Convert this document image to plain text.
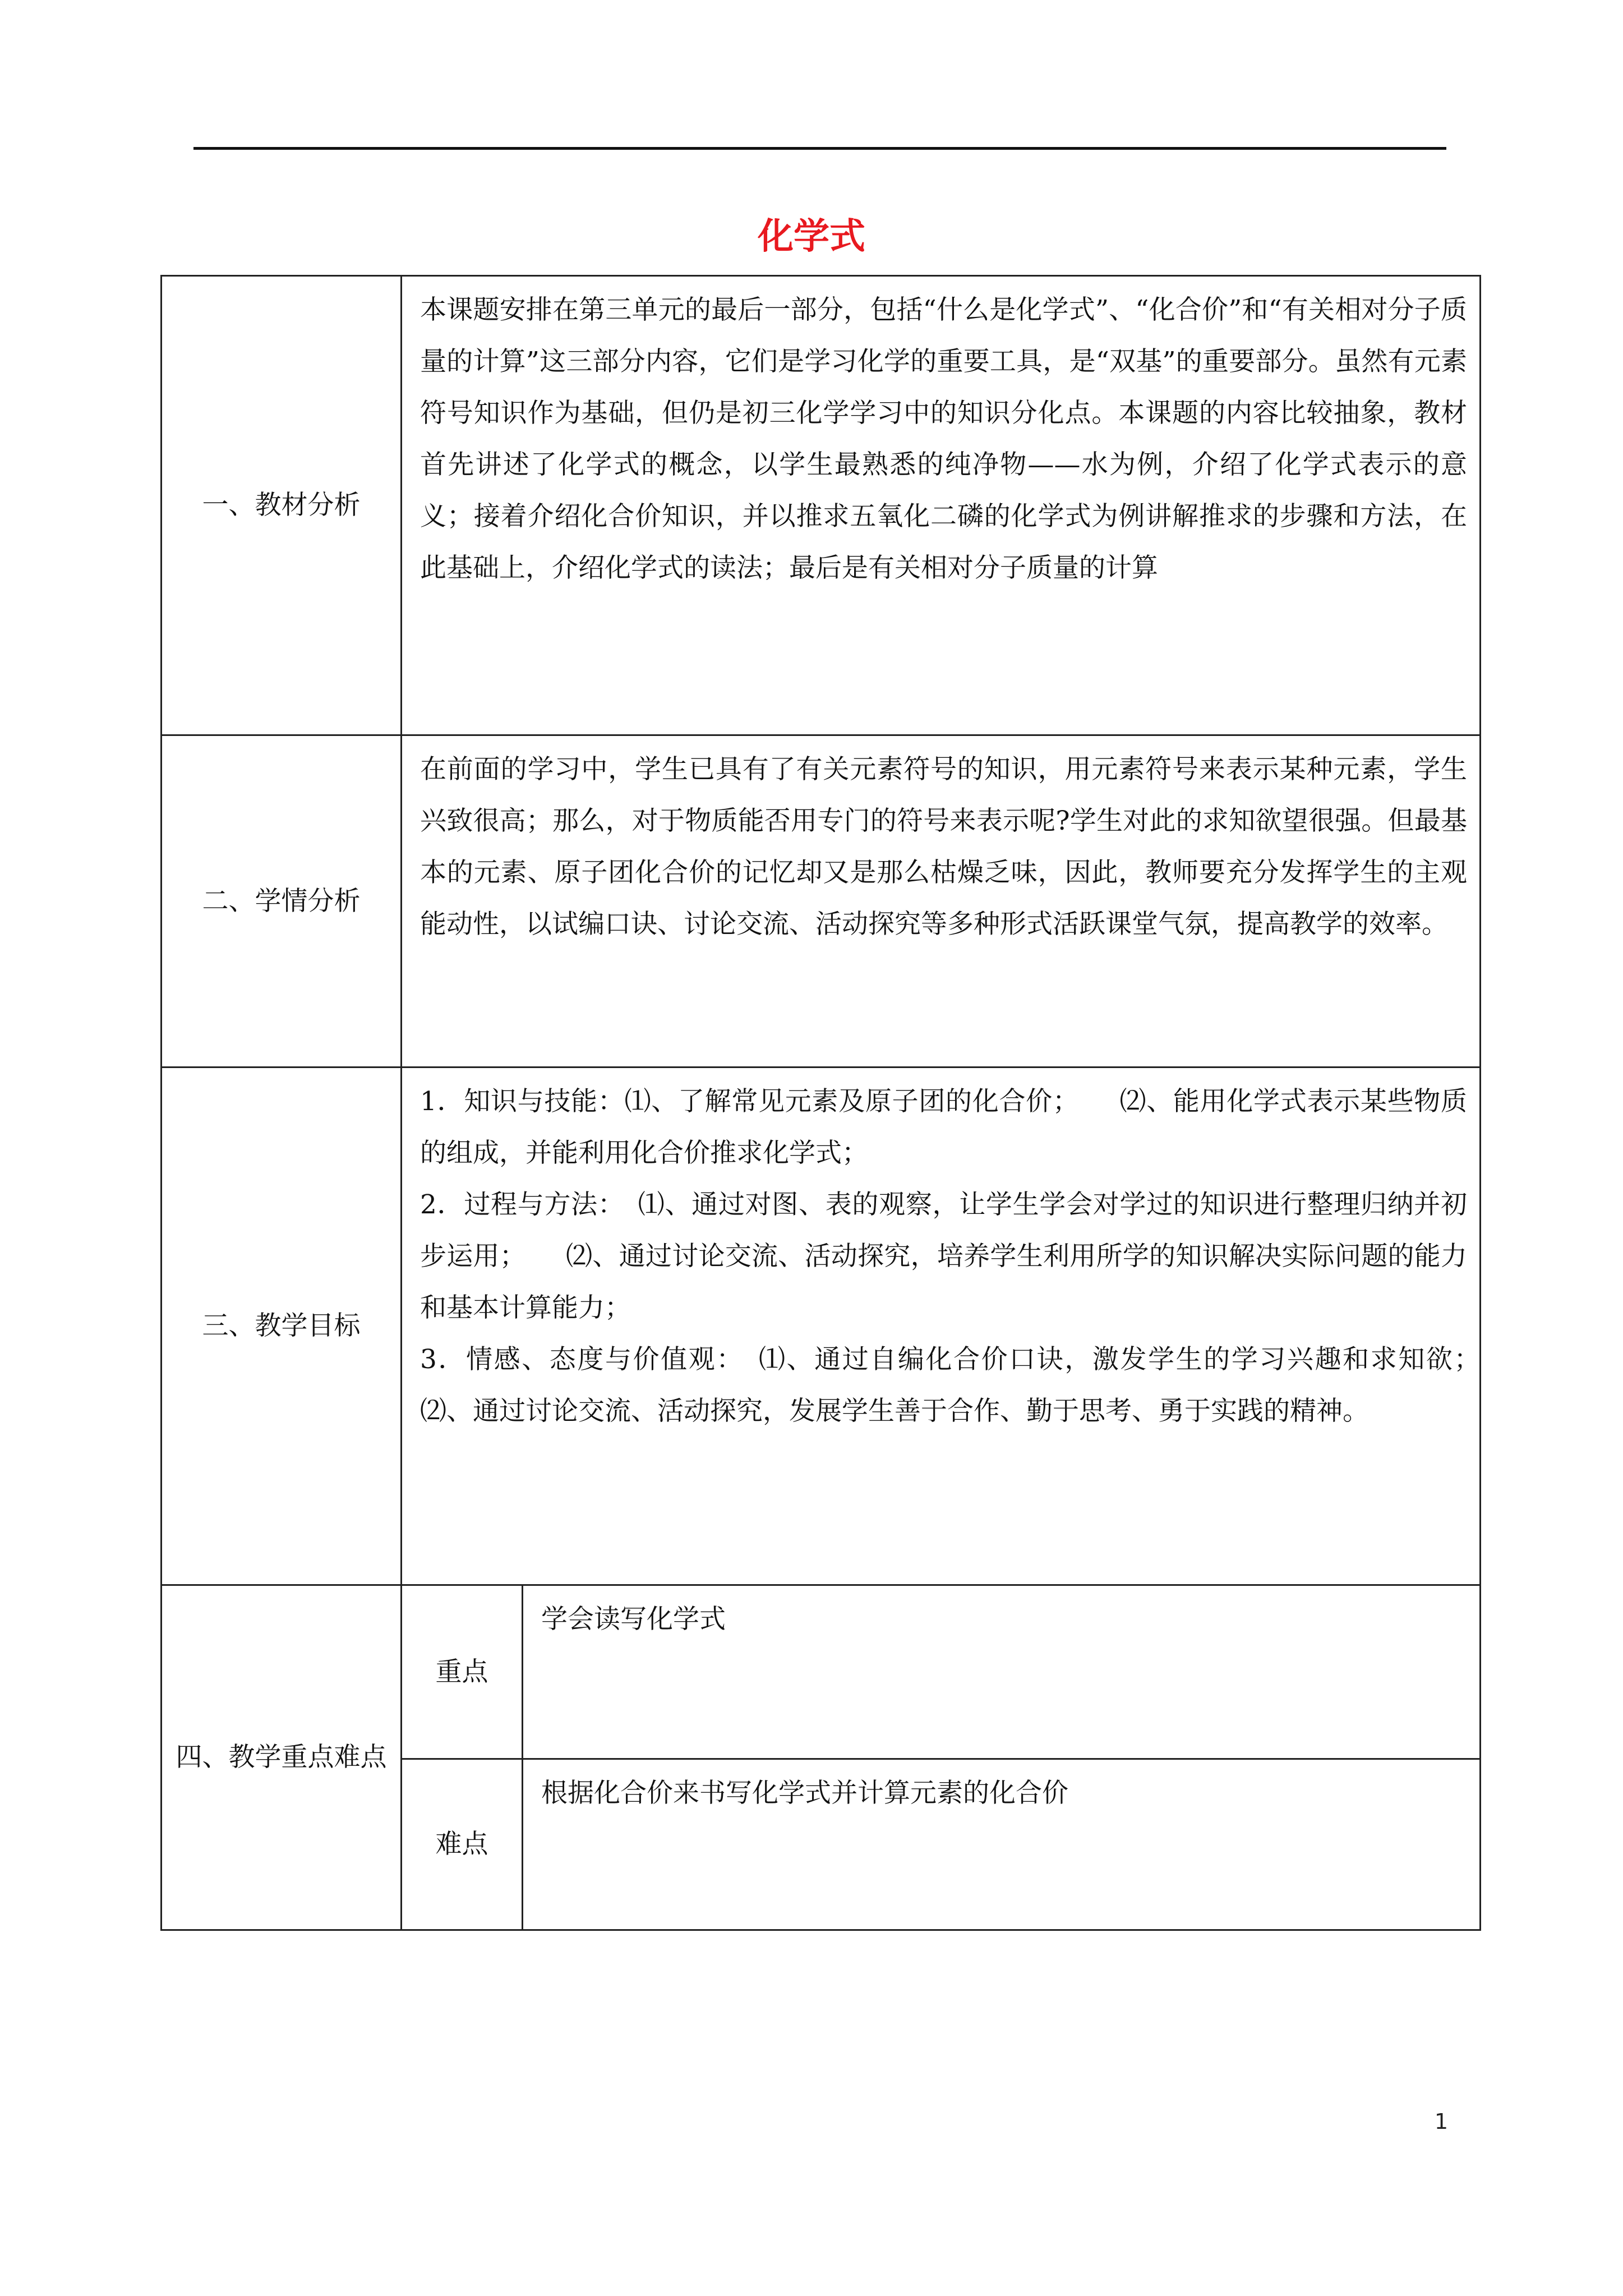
化学式
一、教材分析	本课题安排在第三单元的最后一部分，包括“什么是化学式”、“化合价”和“有关相对分子质量的计算”这三部分内容，它们是学习化学的重要工具，是“双基”的重要部分。虽然有元素符号知识作为基础，但仍是初三化学学习中的知识分化点。本课题的内容比较抽象，教材首先讲述了化学式的概念，以学生最熟悉的纯净物——水为例，介绍了化学式表示的意义；接着介绍化合价知识，并以推求五氧化二磷的化学式为例讲解推求的步骤和方法，在此基础上，介绍化学式的读法；最后是有关相对分子质量的计算	

二、学情分析	在前面的学习中，学生已具有了有关元素符号的知识，用元素符号来表示某种元素，学生兴致很高；那么，对于物质能否用专门的符号来表示呢?学生对此的求知欲望很强。但最基本的元素、原子团化合价的记忆却又是那么枯燥乏味，因此，教师要充分发挥学生的主观能动性，以试编口诀、讨论交流、活动探究等多种形式活跃课堂气氛，提高教学的效率。	

三、教学目标	1．知识与技能：⑴、了解常见元素及原子团的化合价；　　⑵、能用化学式表示某些物质的组成，并能利用化合价推求化学式；

2．过程与方法：　⑴、通过对图、表的观察，让学生学会对学过的知识进行整理归纳并初步运用；　　⑵、通过讨论交流、活动探究，培养学生利用所学的知识解决实际问题的能力和基本计算能力；

3．情感、态度与价值观：　⑴、通过自编化合价口诀，激发学生的学习兴趣和求知欲；　　⑵、通过讨论交流、活动探究，发展学生善于合作、勤于思考、勇于实践的精神。	

四、教学重点难点	重点	学会读写化学式
	难点	根据化合价来书写化学式并计算元素的化合价
1
